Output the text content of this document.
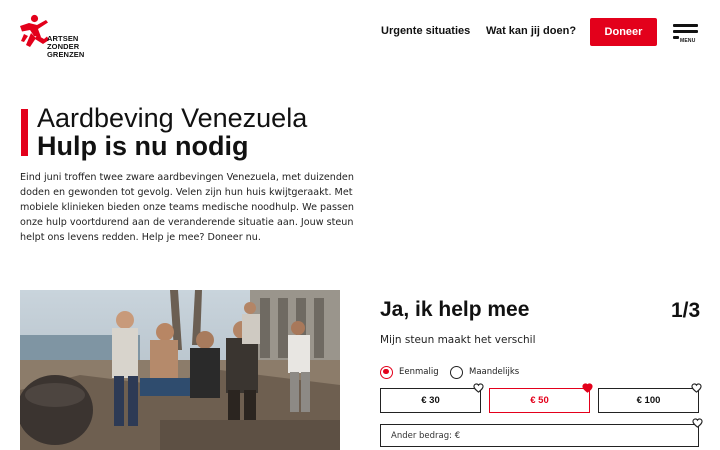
ARTSEN
ZONDER GRENZEN
Urgente situaties Wat kan jij doen?	Doneer
MENU
Aardbeving Venezuela
Hulp is nu nodig

Eind juni troffen twee zware aardbevingen Venezuela, met duizenden doden en gewonden tot gevolg. Velen zijn hun huis kwijtgeraakt. Met mobiele klinieken bieden onze teams medische noodhulp. We passen onze hulp voortdurend aan de veranderende situatie aan. Jouw steun helpt ons levens redden. Help je mee? Doneer nu.

Ja, ik help mee	1/3
Mijn steun maakt het verschil
Eenmalig	Maandelijks
€ 30	€ 50	€ 100
Ander bedrag: €
